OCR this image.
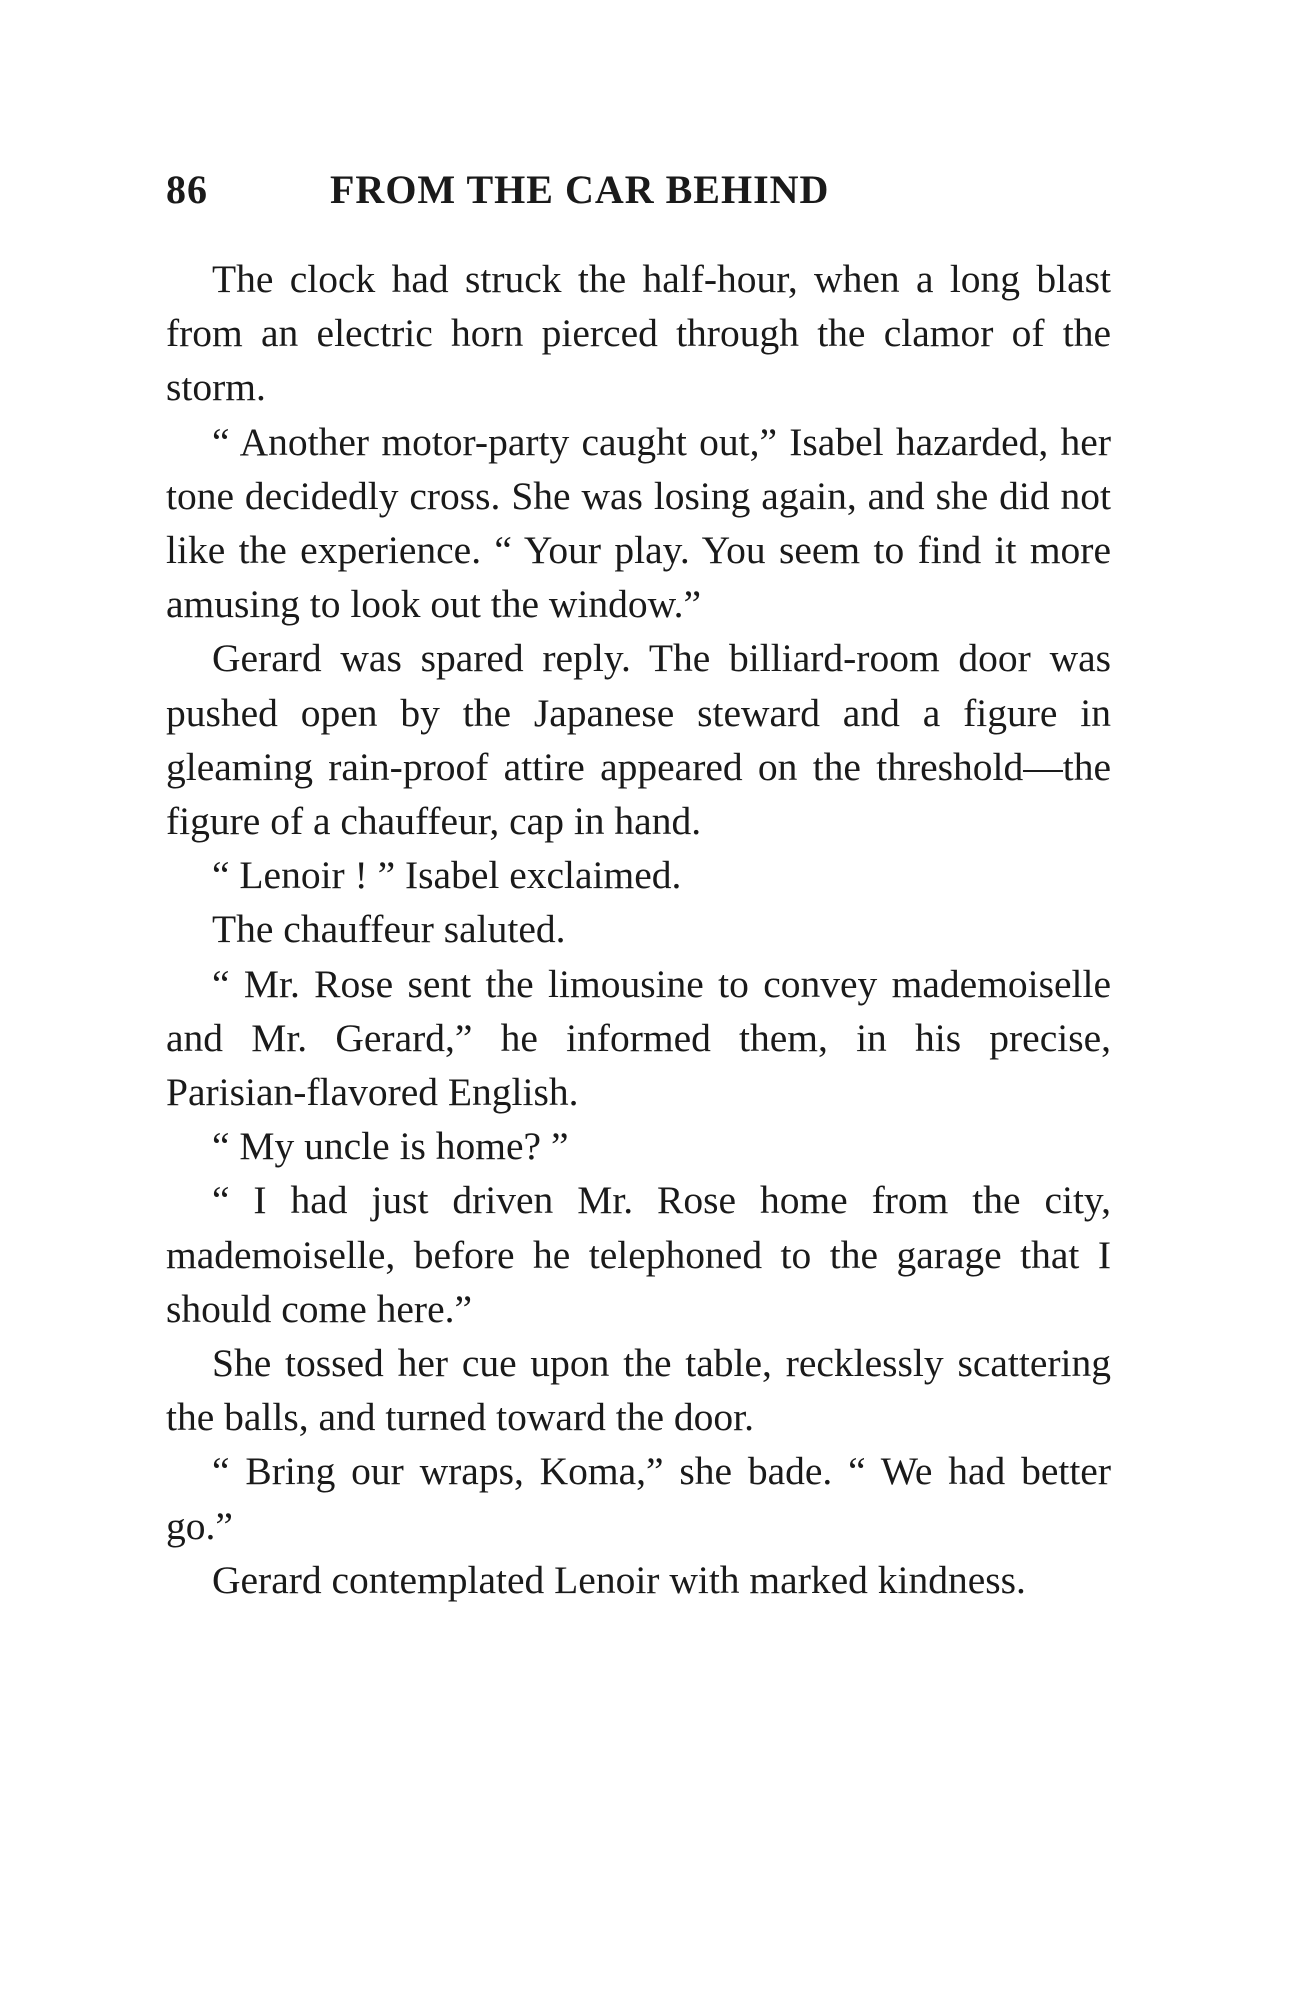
86	FROM THE CAR BEHIND

The clock had struck the half-hour, when a long blast from an electric horn pierced through the clamor of the storm.

“ Another motor-party caught out,” Isabel hazarded, her tone decidedly cross. She was losing again, and she did not like the experience. “ Your play. You seem to find it more amusing to look out the window.”

Gerard was spared reply. The billiard-room door was pushed open by the Japanese steward and a figure in gleaming rain-proof attire appeared on the threshold—the figure of a chauffeur, cap in hand.

“ Lenoir ! ” Isabel exclaimed.

The chauffeur saluted.

“ Mr. Rose sent the limousine to convey mademoiselle and Mr. Gerard,” he informed them, in his precise, Parisian-flavored English.

“ My uncle is home? ”

“ I had just driven Mr. Rose home from the city, mademoiselle, before he telephoned to the garage that I should come here.”

She tossed her cue upon the table, recklessly scattering the balls, and turned toward the door.

“ Bring our wraps, Koma,” she bade. “ We had better go.”

Gerard contemplated Lenoir with marked kindness.
